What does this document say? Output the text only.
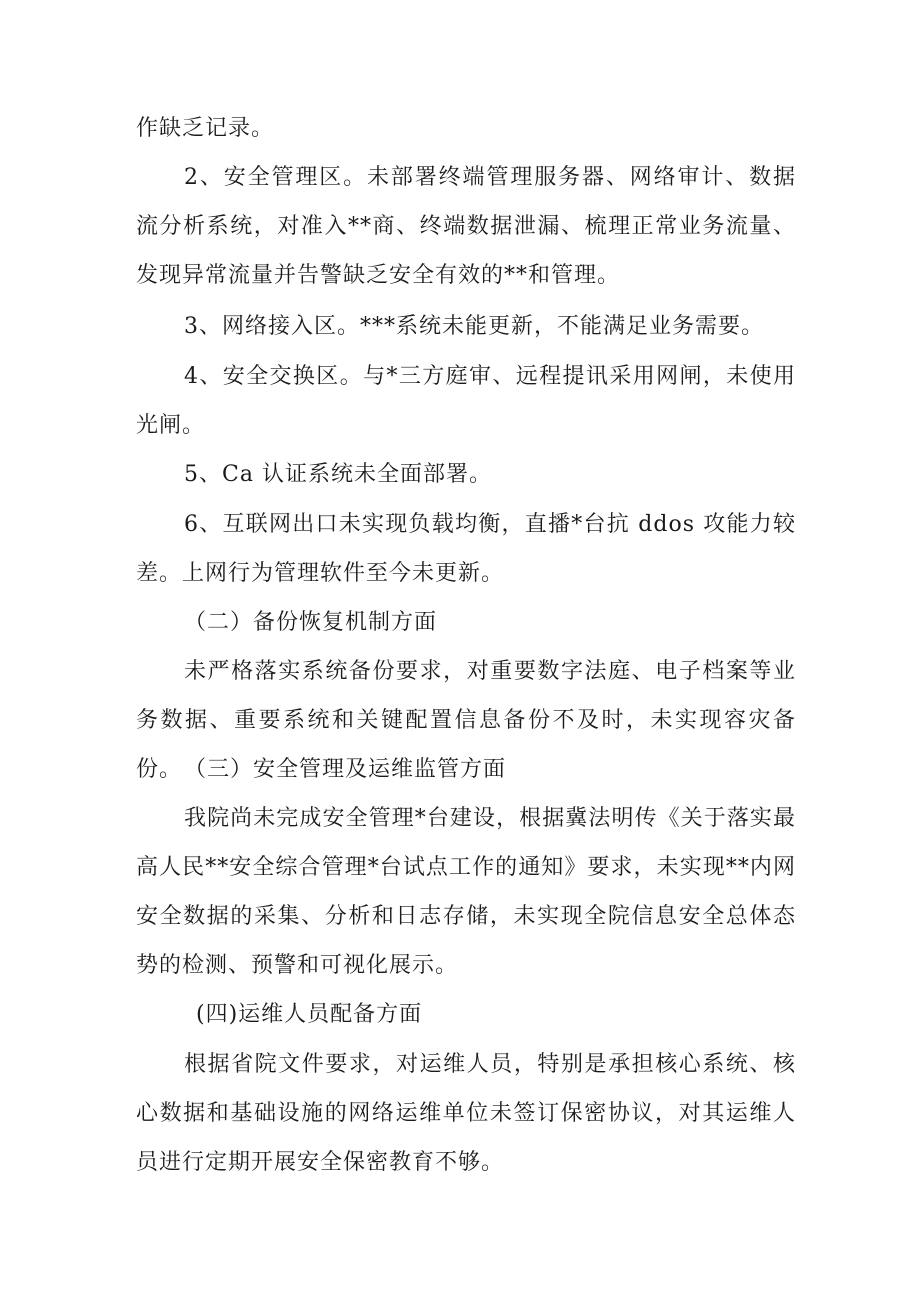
作缺乏记录。

2、安全管理区。未部署终端管理服务器、网络审计、数据流分析系统，对准入**商、终端数据泄漏、梳理正常业务流量、发现异常流量并告警缺乏安全有效的**和管理。

3、网络接入区。***系统未能更新，不能满足业务需要。

4、安全交换区。与*三方庭审、远程提讯采用网闸，未使用光闸。

5、Ca 认证系统未全面部署。

6、互联网出口未实现负载均衡，直播*台抗 ddos 攻能力较差。上网行为管理软件至今未更新。

（二）备份恢复机制方面

未严格落实系统备份要求，对重要数字法庭、电子档案等业务数据、重要系统和关键配置信息备份不及时，未实现容灾备份。 （三）安全管理及运维监管方面

我院尚未完成安全管理*台建设，根据冀法明传《关于落实最高人民**安全综合管理*台试点工作的通知》要求，未实现**内网安全数据的采集、分析和日志存储，未实现全院信息安全总体态势的检测、预警和可视化展示。

(四)运维人员配备方面

根据省院文件要求，对运维人员，特别是承担核心系统、核心数据和基础设施的网络运维单位未签订保密协议，对其运维人员进行定期开展安全保密教育不够。
